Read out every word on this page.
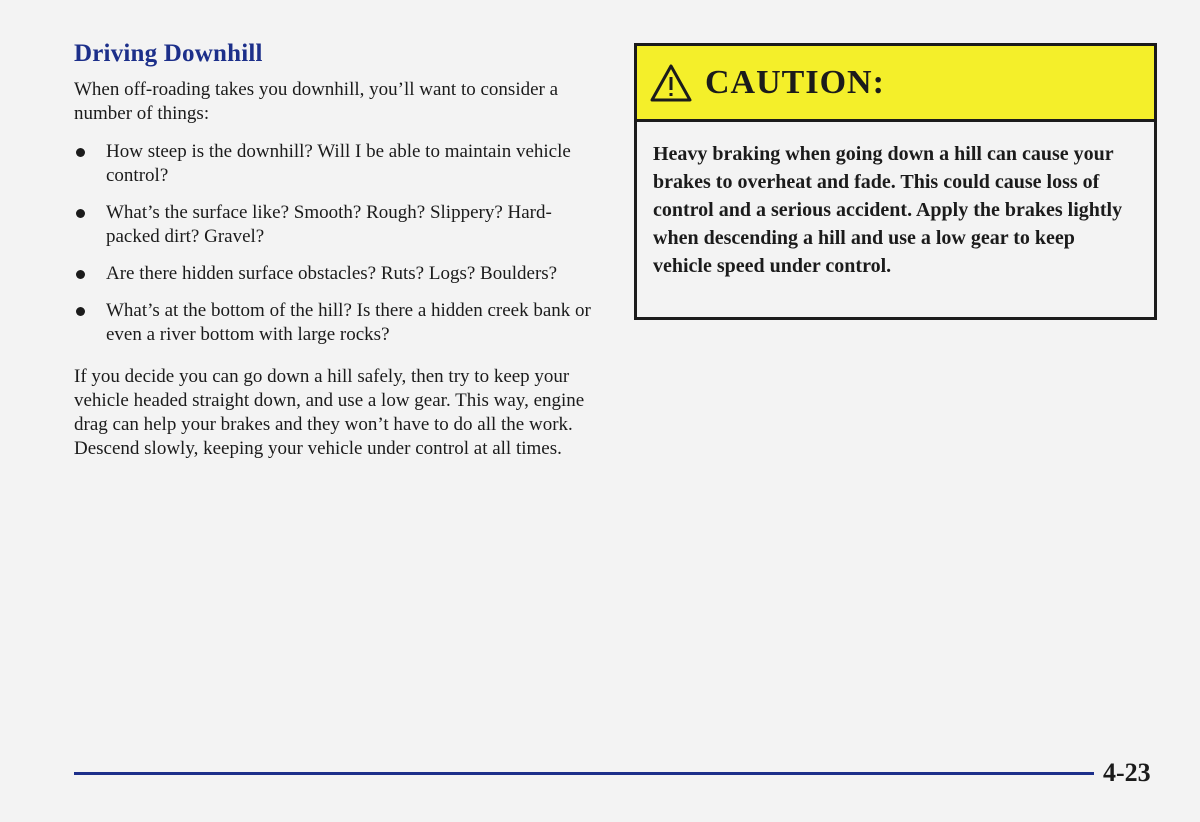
Driving Downhill

When off-roading takes you downhill, you’ll want to consider a number of things:

How steep is the downhill? Will I be able to maintain vehicle control?
What’s the surface like? Smooth? Rough? Slippery? Hard-packed dirt? Gravel?
Are there hidden surface obstacles? Ruts? Logs? Boulders?
What’s at the bottom of the hill? Is there a hidden creek bank or even a river bottom with large rocks?

If you decide you can go down a hill safely, then try to keep your vehicle headed straight down, and use a low gear. This way, engine drag can help your brakes and they won’t have to do all the work. Descend slowly, keeping your vehicle under control at all times.

CAUTION:
Heavy braking when going down a hill can cause your brakes to overheat and fade. This could cause loss of control and a serious accident. Apply the brakes lightly when descending a hill and use a low gear to keep vehicle speed under control.
4-23
